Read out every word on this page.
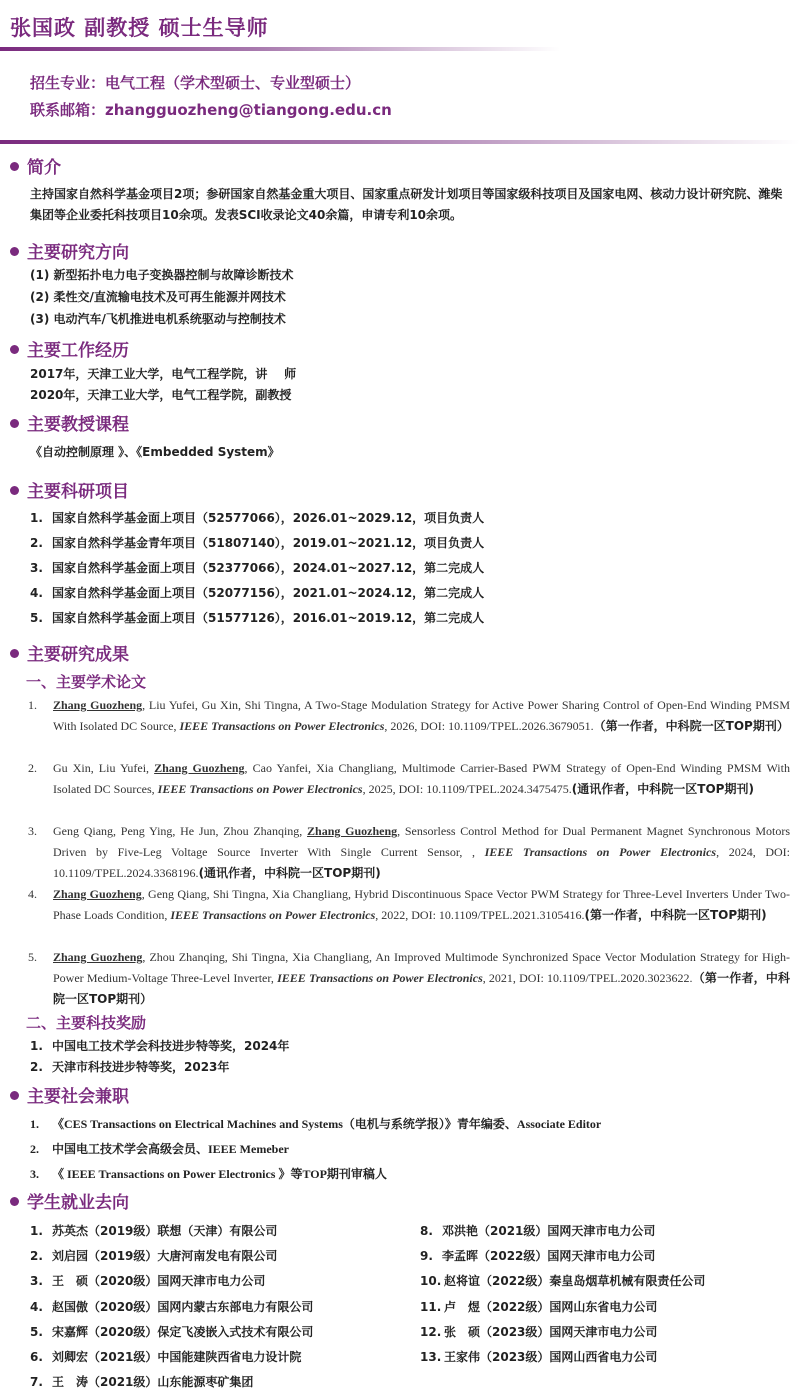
张国政 副教授 硕士生导师
招生专业：电气工程（学术型硕士、专业型硕士）
联系邮箱：zhangguozheng@tiangong.edu.cn
简介
主持国家自然科学基金项目2项；参研国家自然基金重大项目、国家重点研发计划项目等国家级科技项目及国家电网、核动力设计研究院、潍柴集团等企业委托科技项目10余项。发表SCI收录论文40余篇，申请专利10余项。
主要研究方向
(1) 新型拓扑电力电子变换器控制与故障诊断技术
(2) 柔性交/直流输电技术及可再生能源并网技术
(3) 电动汽车/飞机推进电机系统驱动与控制技术
主要工作经历
2017年，天津工业大学，电气工程学院，讲    师
2020年，天津工业大学，电气工程学院，副教授
主要教授课程
《自动控制原理 》、《Embedded System》
主要科研项目
1. 国家自然科学基金面上项目（52577066），2026.01~2029.12，项目负责人
2. 国家自然科学基金青年项目（51807140），2019.01~2021.12，项目负责人
3. 国家自然科学基金面上项目（52377066），2024.01~2027.12，第二完成人
4. 国家自然科学基金面上项目（52077156），2021.01~2024.12，第二完成人
5. 国家自然科学基金面上项目（51577126），2016.01~2019.12，第二完成人
主要研究成果
一、主要学术论文
1. Zhang Guozheng, Liu Yufei, Gu Xin, Shi Tingna, A Two-Stage Modulation Strategy for Active Power Sharing Control of Open-End Winding PMSM With Isolated DC Source, IEEE Transactions on Power Electronics, 2026, DOI: 10.1109/TPEL.2026.3679051.（第一作者，中科院一区TOP期刊）
2. Gu Xin, Liu Yufei, Zhang Guozheng, Cao Yanfei, Xia Changliang, Multimode Carrier-Based PWM Strategy of Open-End Winding PMSM With Isolated DC Sources, IEEE Transactions on Power Electronics, 2025, DOI: 10.1109/TPEL.2024.3475475.(通讯作者，中科院一区TOP期刊)
3. Geng Qiang, Peng Ying, He Jun, Zhou Zhanqing, Zhang Guozheng, Sensorless Control Method for Dual Permanent Magnet Synchronous Motors Driven by Five-Leg Voltage Source Inverter With Single Current Sensor, , IEEE Transactions on Power Electronics, 2024, DOI: 10.1109/TPEL.2024.3368196.(通讯作者，中科院一区TOP期刊)
4. Zhang Guozheng, Geng Qiang, Shi Tingna, Xia Changliang, Hybrid Discontinuous Space Vector PWM Strategy for Three-Level Inverters Under Two-Phase Loads Condition, IEEE Transactions on Power Electronics, 2022, DOI: 10.1109/TPEL.2021.3105416.(第一作者，中科院一区TOP期刊)
5. Zhang Guozheng, Zhou Zhanqing, Shi Tingna, Xia Changliang, An Improved Multimode Synchronized Space Vector Modulation Strategy for High-Power Medium-Voltage Three-Level Inverter, IEEE Transactions on Power Electronics, 2021, DOI: 10.1109/TPEL.2020.3023622.（第一作者，中科院一区TOP期刊）
二、主要科技奖励
1. 中国电工技术学会科技进步特等奖，2024年
2. 天津市科技进步特等奖，2023年
主要社会兼职
1. 《CES Transactions on Electrical Machines and Systems（电机与系统学报）》青年编委、Associate Editor
2. 中国电工技术学会高级会员、IEEE Memeber
3. 《 IEEE Transactions on Power Electronics 》等TOP期刊审稿人
学生就业去向
1. 苏英杰（2019级）联想（天津）有限公司
2. 刘启园（2019级）大唐河南发电有限公司
3. 王　硕（2020级）国网天津市电力公司
4. 赵国傲（2020级）国网内蒙古东部电力有限公司
5. 宋嘉辉（2020级）保定飞凌嵌入式技术有限公司
6. 刘卿宏（2021级）中国能建陕西省电力设计院
7. 王　涛（2021级）山东能源枣矿集团
8. 邓洪艳（2021级）国网天津市电力公司
9. 李孟晖（2022级）国网天津市电力公司
10. 赵将谊（2022级）秦皇岛烟草机械有限责任公司
11. 卢　煜（2022级）国网山东省电力公司
12. 张　硕（2023级）国网天津市电力公司
13. 王家伟（2023级）国网山西省电力公司
